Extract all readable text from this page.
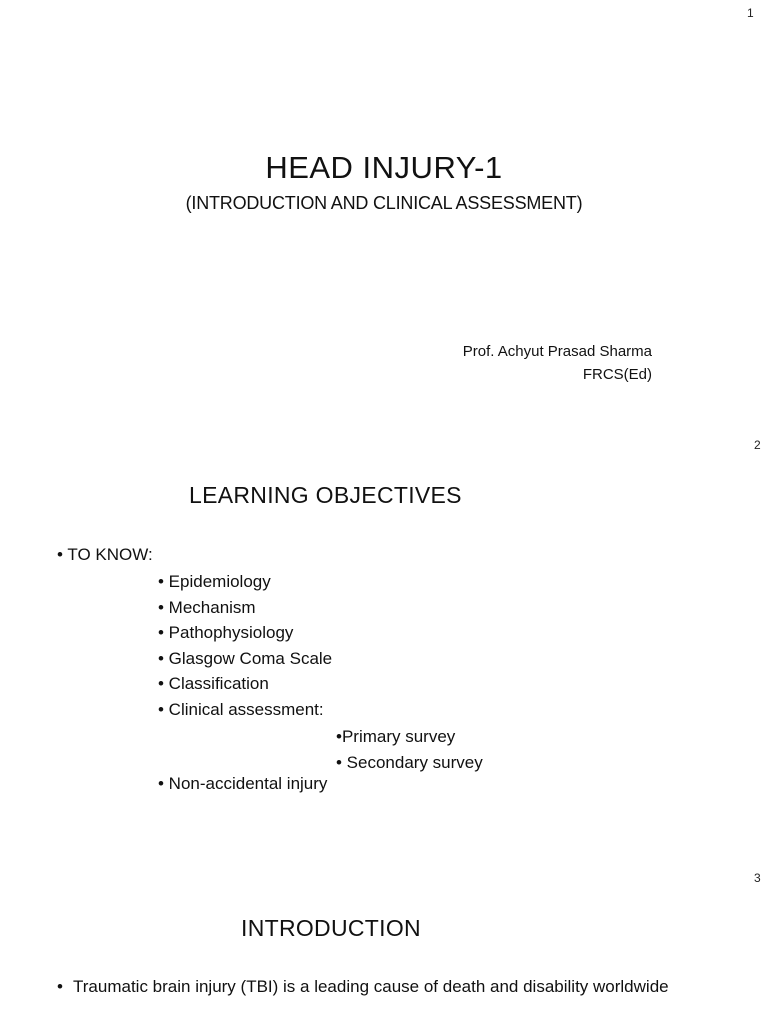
1
HEAD INJURY-1
(INTRODUCTION AND CLINICAL ASSESSMENT)
Prof. Achyut Prasad Sharma
FRCS(Ed)
2
LEARNING OBJECTIVES
• TO KNOW:
• Epidemiology
• Mechanism
• Pathophysiology
• Glasgow Coma Scale
• Classification
• Clinical assessment:
•Primary survey
• Secondary survey
• Non-accidental injury
3
INTRODUCTION
• Traumatic brain injury (TBI) is a leading cause of death and disability worldwide
